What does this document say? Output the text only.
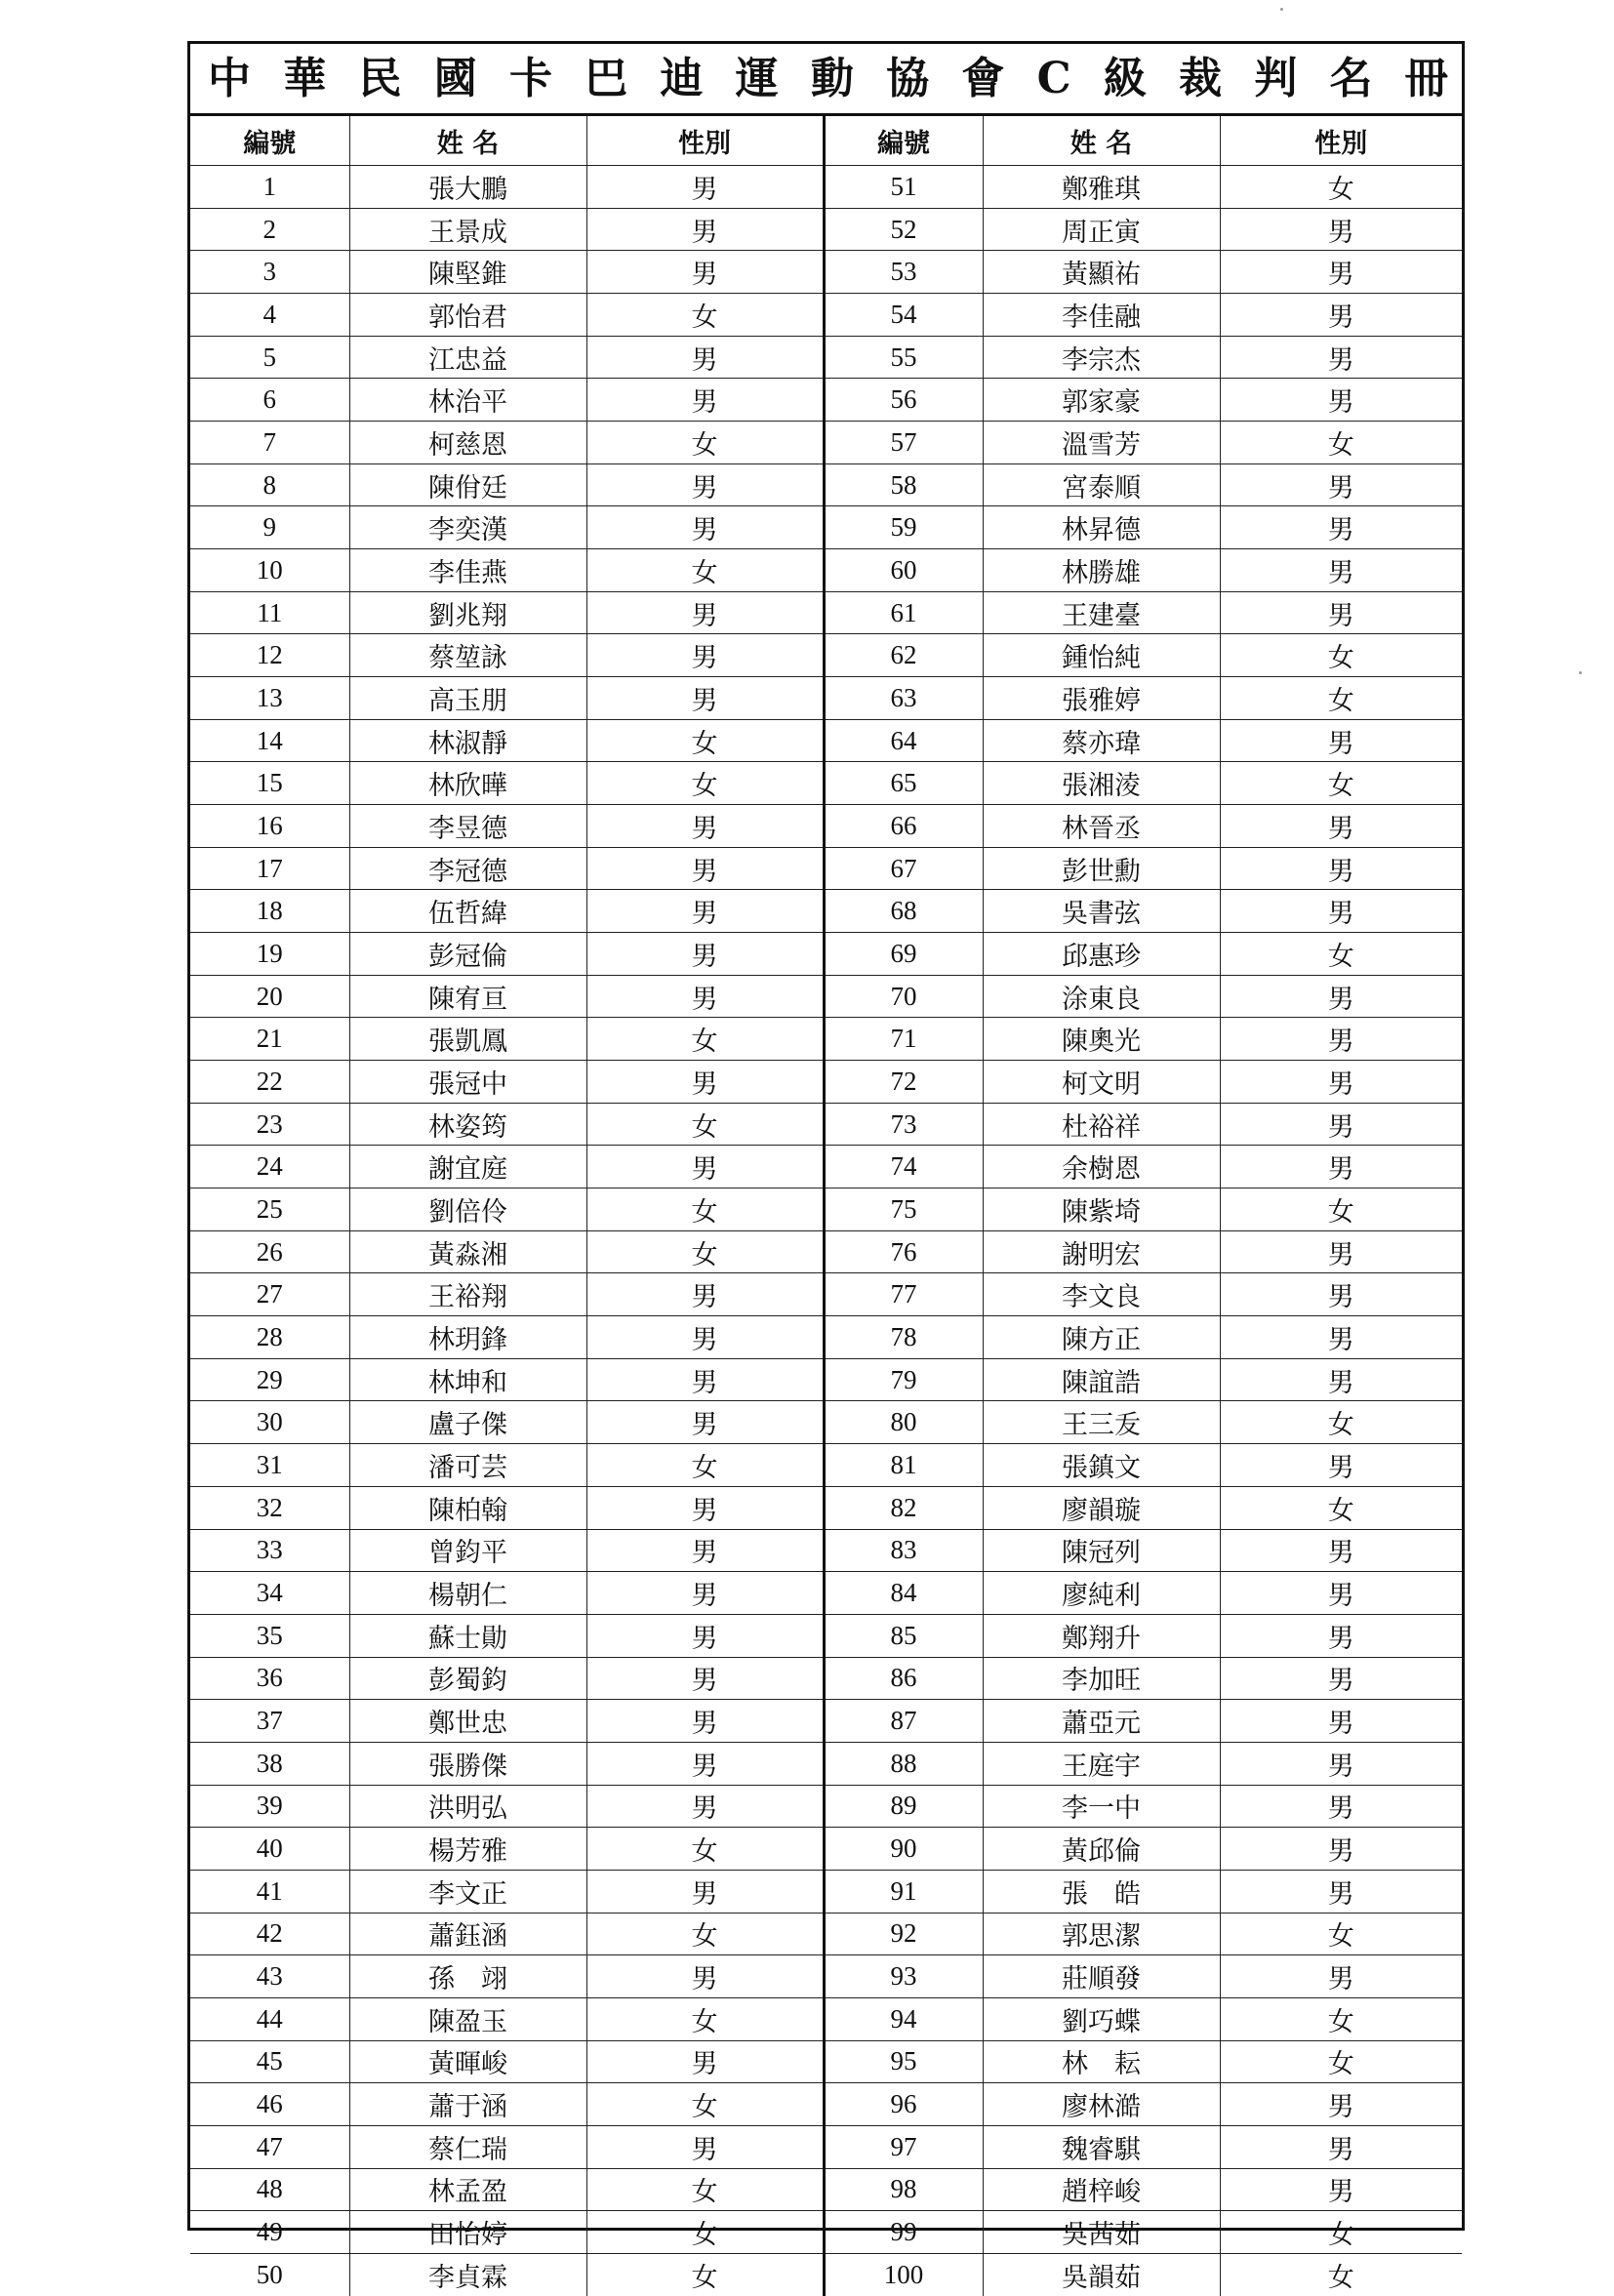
中 華 民 國 卡 巴 迪 運 動 協 會 C 級 裁 判 名 冊
編號	姓 名	性別	編號	姓 名	性別
1	張大鵬	男	51	鄭雅琪	女
2	王景成	男	52	周正寅	男
3	陳堅錐	男	53	黃顯祐	男
4	郭怡君	女	54	李佳融	男
5	江忠益	男	55	李宗杰	男
6	林治平	男	56	郭家豪	男
7	柯慈恩	女	57	溫雪芳	女
8	陳佾廷	男	58	宮泰順	男
9	李奕漢	男	59	林昇德	男
10	李佳燕	女	60	林勝雄	男
11	劉兆翔	男	61	王建臺	男
12	蔡堃詠	男	62	鍾怡純	女
13	高玉朋	男	63	張雅婷	女
14	林淑靜	女	64	蔡亦瑋	男
15	林欣曄	女	65	張湘淩	女
16	李昱德	男	66	林晉丞	男
17	李冠德	男	67	彭世勳	男
18	伍哲緯	男	68	吳書弦	男
19	彭冠倫	男	69	邱惠珍	女
20	陳宥亘	男	70	涂東良	男
21	張凱鳳	女	71	陳奧光	男
22	張冠中	男	72	柯文明	男
23	林姿筠	女	73	杜裕祥	男
24	謝宜庭	男	74	余樹恩	男
25	劉倍伶	女	75	陳紫埼	女
26	黃淼湘	女	76	謝明宏	男
27	王裕翔	男	77	李文良	男
28	林玥鋒	男	78	陳方正	男
29	林坤和	男	79	陳誼誥	男
30	盧子傑	男	80	王三叐	女
31	潘可芸	女	81	張鎮文	男
32	陳柏翰	男	82	廖韻璇	女
33	曾鈞平	男	83	陳冠列	男
34	楊朝仁	男	84	廖純利	男
35	蘇士勛	男	85	鄭翔升	男
36	彭蜀鈞	男	86	李加旺	男
37	鄭世忠	男	87	蕭亞元	男
38	張勝傑	男	88	王庭宇	男
39	洪明弘	男	89	李一中	男
40	楊芳雅	女	90	黃邱倫	男
41	李文正	男	91	張　皓	男
42	蕭鈺涵	女	92	郭思潔	女
43	孫　翊	男	93	莊順發	男
44	陳盈玉	女	94	劉巧蝶	女
45	黃暉峻	男	95	林　耘	女
46	蕭于涵	女	96	廖林澔	男
47	蔡仁瑞	男	97	魏睿騏	男
48	林孟盈	女	98	趙梓峻	男
49	田怡婷	女	99	吳茜茹	女
50	李貞霖	女	100	吳韻茹	女
